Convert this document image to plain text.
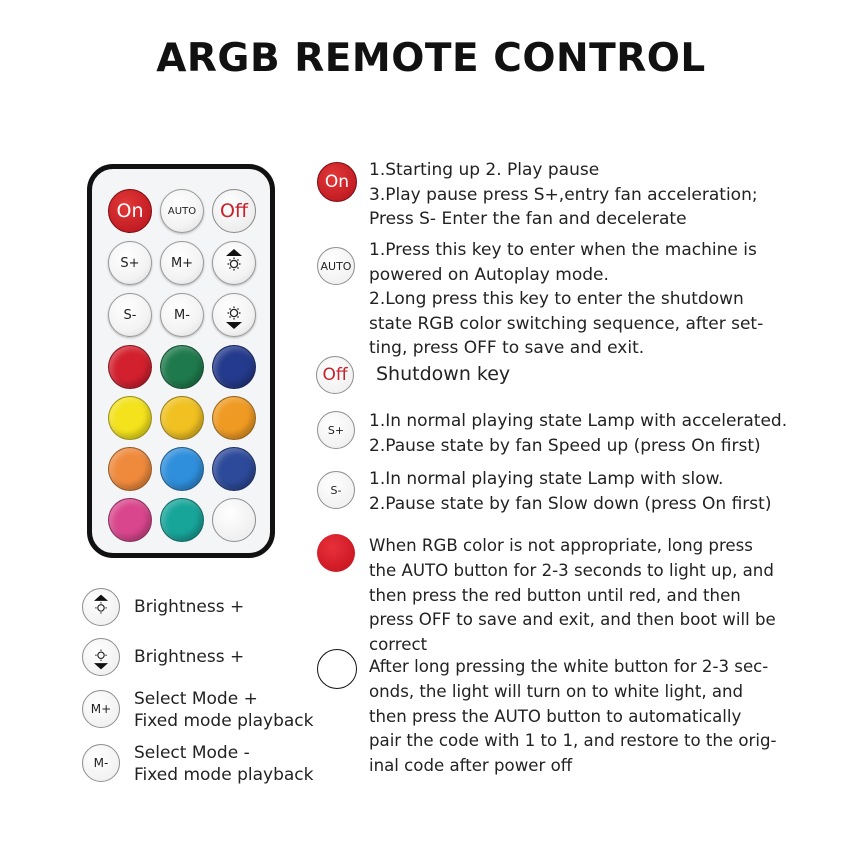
ARGB REMOTE CONTROL
On	AUTO	Off
S+	M+
S-	M-
On
1.Starting up 2. Play pause
3.Play pause press S+,entry fan acceleration;
Press S- Enter the fan and decelerate
AUTO
1.Press this key to enter when the machine is
powered on Autoplay mode.
2.Long press this key to enter the shutdown
state RGB color switching sequence, after set-
ting, press OFF to save and exit.
Off	Shutdown key
S+	1.In normal playing state Lamp with accelerated.
2.Pause state by fan Speed up (press On first)
S-
1.In normal playing state Lamp with slow.
2.Pause state by fan Slow down (press On first)
When RGB color is not appropriate, long press
the AUTO button for 2-3 seconds to light up, and
then press the red button until red, and then
press OFF to save and exit, and then boot will be
correct
After long pressing the white button for 2-3 sec-
onds, the light will turn on to white light, and
then press the AUTO button to automatically
pair the code with 1 to 1, and restore to the orig-
inal code after power off
Brightness +
Brightness +
M+	Select Mode +
Fixed mode playback
M-	Select Mode -
Fixed mode playback
